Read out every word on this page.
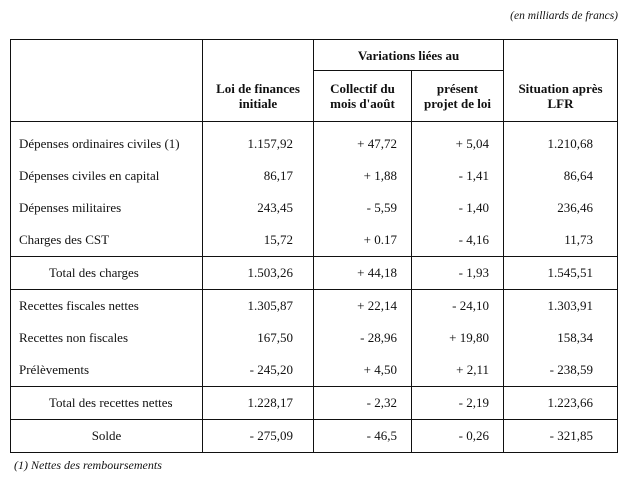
(en milliards de francs)
		Variations liées au		
	Loi de finances initiale	Collectif du mois d'août	présent projet de loi	Situation après LFR
Dépenses ordinaires civiles (1)	1.157,92	+ 47,72	+ 5,04	1.210,68
Dépenses civiles en capital	86,17	+ 1,88	- 1,41	86,64
Dépenses militaires	243,45	- 5,59	- 1,40	236,46
Charges des CST	15,72	+ 0.17	- 4,16	11,73
Total des charges	1.503,26	+ 44,18	- 1,93	1.545,51
Recettes fiscales nettes	1.305,87	+ 22,14	- 24,10	1.303,91
Recettes non fiscales	167,50	- 28,96	+ 19,80	158,34
Prélèvements	- 245,20	+ 4,50	+ 2,11	- 238,59
Total des recettes nettes	1.228,17	- 2,32	- 2,19	1.223,66
Solde	- 275,09	- 46,5	- 0,26	- 321,85
(1) Nettes des remboursements
